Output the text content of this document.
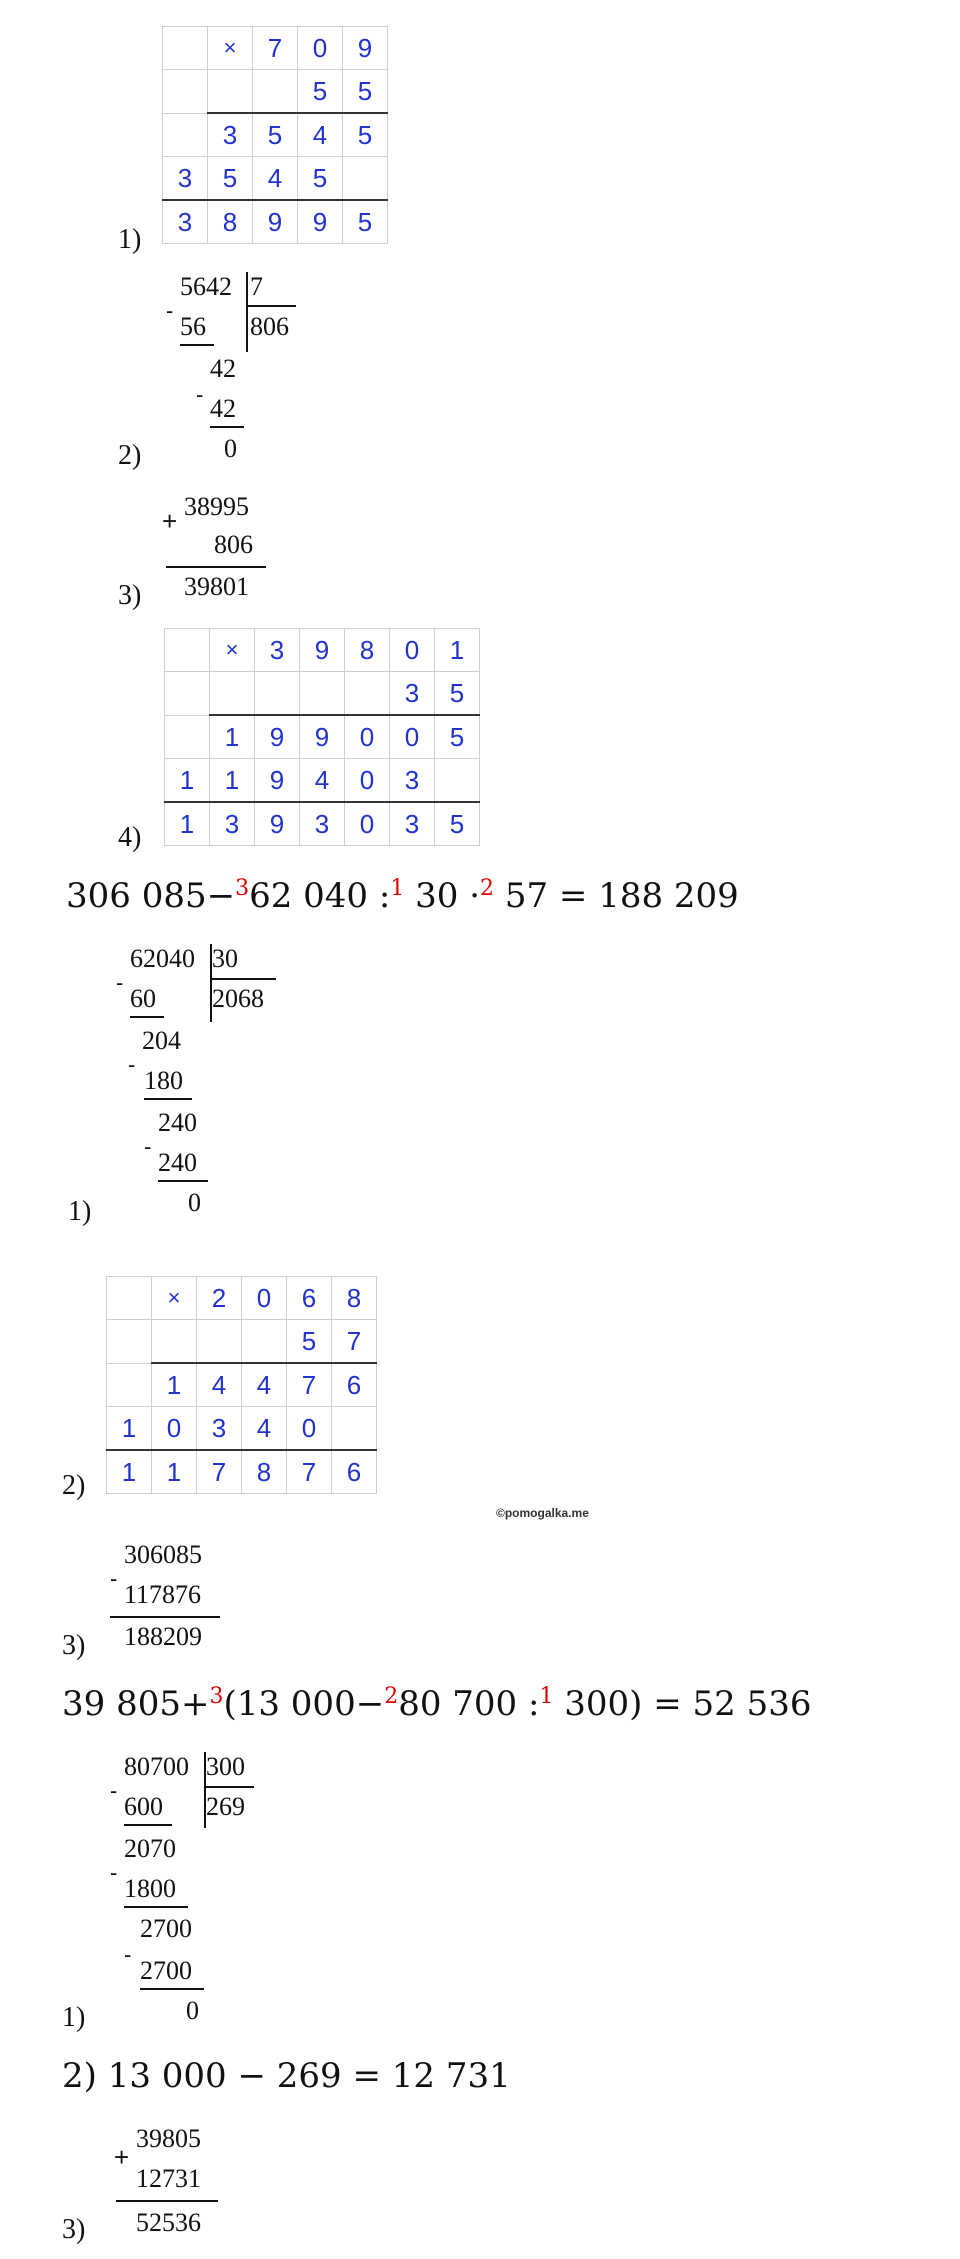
	×	7	0	9
			5	5
	3	5	4	5
3	5	4	5	
3	8	9	9	5
1)
5642 7
806
-
56
42
- 42
0
2)
+ 38995
806
39801
3)
	×	3	9	8	0	1
					3	5
	1	9	9	0	0	5
1	1	9	4	0	3	
1	3	9	3	0	3	5
4)
306 085−$^3$62 040 :$^1$ 30 ·$^2$ 57 = 188 209
62040 30
2068
-
60
204
-
180
240
-
240
0
1)
	×	2	0	6	8
				5	7
	1	4	4	7	6
1	0	3	4	0	
1	1	7	8	7	6
2)
©pomogalka.me
306085
-
117876
188209
3)
39 805+$^3$(13 000−$^2$80 700 :$^1$ 300) = 52 536
80700 300
269
-
600
2070
-
1800
2700
-
2700
0
1)
2) 13 000 − 269 = 12 731
39805
+
12731
52536
3)
